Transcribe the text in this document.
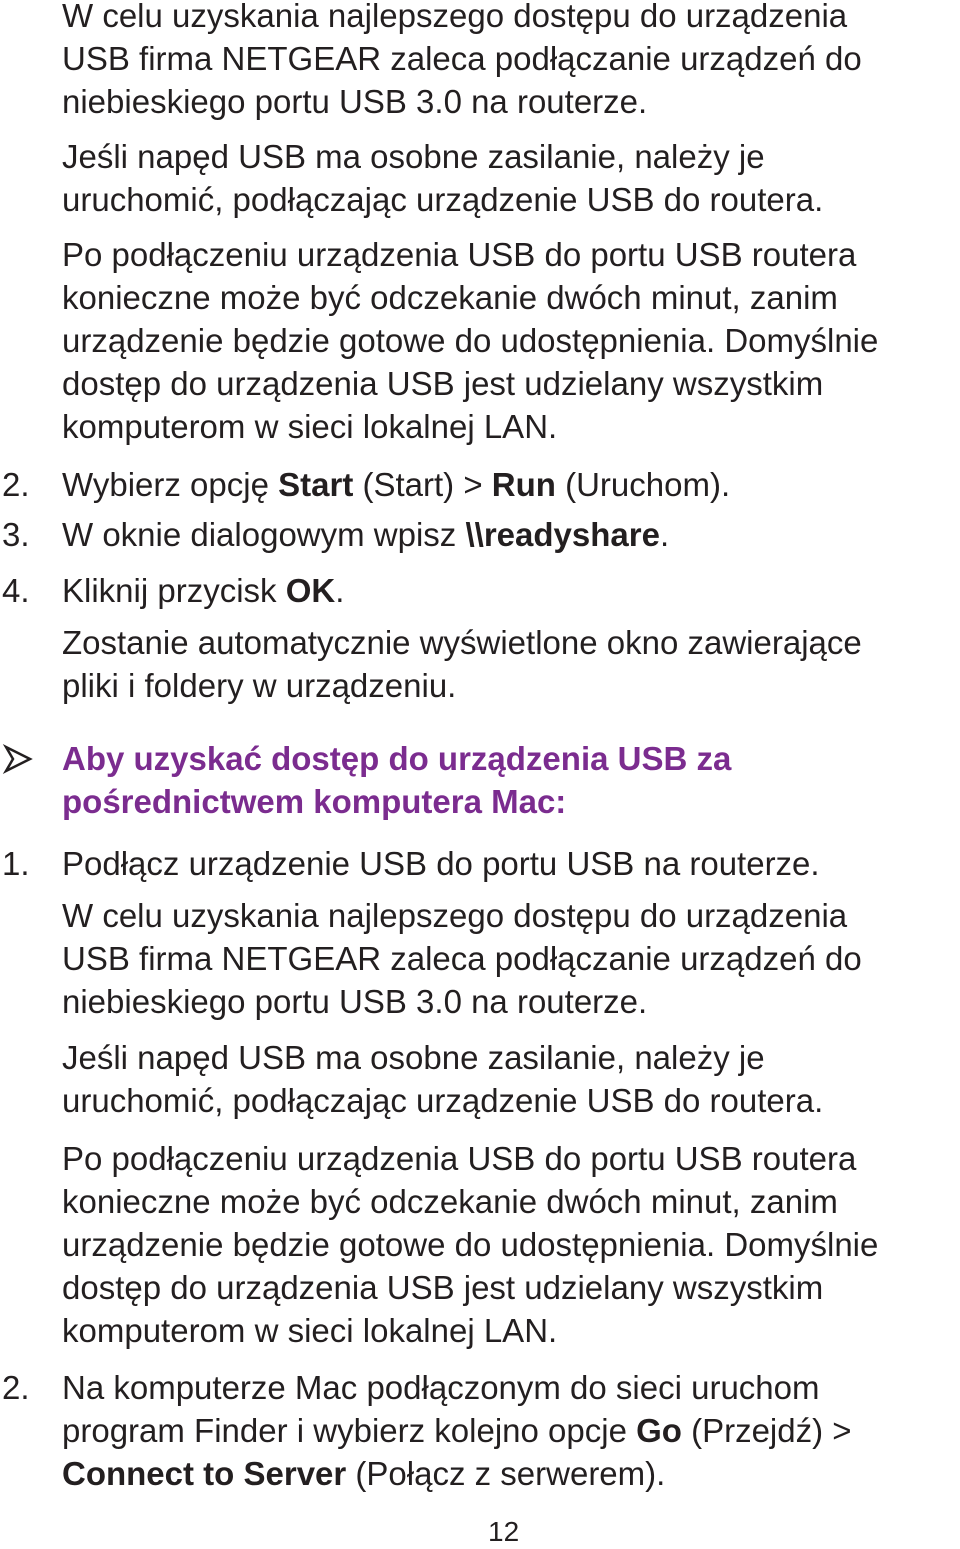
W celu uzyskania najlepszego dostępu do urządzenia

USB firma NETGEAR zaleca podłączanie urządzeń do

niebieskiego portu USB 3.0 na routerze.

Jeśli napęd USB ma osobne zasilanie, należy je

uruchomić, podłączając urządzenie USB do routera.

Po podłączeniu urządzenia USB do portu USB routera

konieczne może być odczekanie dwóch minut, zanim

urządzenie będzie gotowe do udostępnienia. Domyślnie

dostęp do urządzenia USB jest udzielany wszystkim

komputerom w sieci lokalnej LAN.

2. Wybierz opcję Start (Start) > Run (Uruchom).

3. W oknie dialogowym wpisz \\readyshare.

4. Kliknij przycisk OK.

Zostanie automatycznie wyświetlone okno zawierające

pliki i foldery w urządzeniu.

Aby uzyskać dostęp do urządzenia USB za

pośrednictwem komputera Mac:

1. Podłącz urządzenie USB do portu USB na routerze.

W celu uzyskania najlepszego dostępu do urządzenia

USB firma NETGEAR zaleca podłączanie urządzeń do

niebieskiego portu USB 3.0 na routerze.

Jeśli napęd USB ma osobne zasilanie, należy je

uruchomić, podłączając urządzenie USB do routera.

Po podłączeniu urządzenia USB do portu USB routera

konieczne może być odczekanie dwóch minut, zanim

urządzenie będzie gotowe do udostępnienia. Domyślnie

dostęp do urządzenia USB jest udzielany wszystkim

komputerom w sieci lokalnej LAN.

2. Na komputerze Mac podłączonym do sieci uruchom

program Finder i wybierz kolejno opcje Go (Przejdź) >

Connect to Server (Połącz z serwerem).

12
